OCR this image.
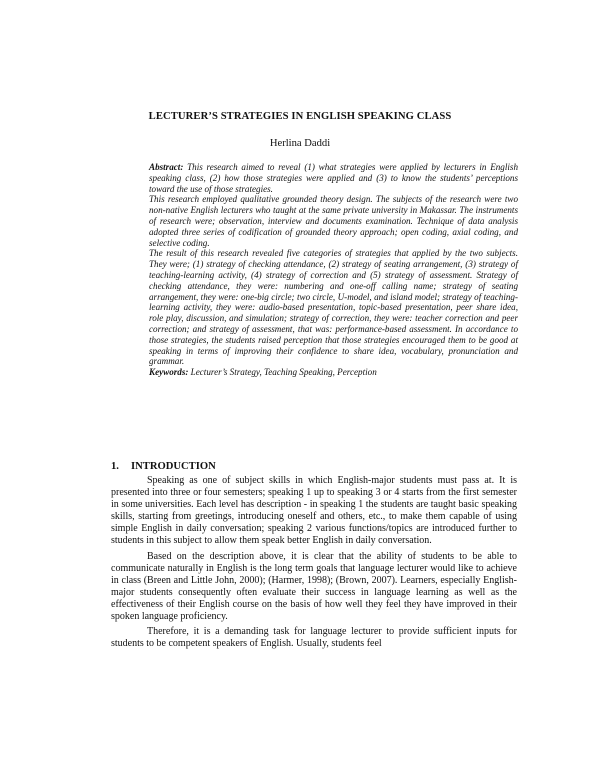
LECTURER’S STRATEGIES IN ENGLISH SPEAKING CLASS
Herlina Daddi

Abstract: This research aimed to reveal (1) what strategies were applied by lecturers in English speaking class, (2) how those strategies were applied and (3) to know the students’ perceptions toward the use of those strategies.

This research employed qualitative grounded theory design. The subjects of the research were two non-native English lecturers who taught at the same private university in Makassar. The instruments of research were; observation, interview and documents examination. Technique of data analysis adopted three series of codification of grounded theory approach; open coding, axial coding, and selective coding.

The result of this research revealed five categories of strategies that applied by the two subjects. They were; (1) strategy of checking attendance, (2) strategy of seating arrangement, (3) strategy of teaching-learning activity, (4) strategy of correction and (5) strategy of assessment. Strategy of checking attendance, they were: numbering and one-off calling name; strategy of seating arrangement, they were: one-big circle; two circle, U-model, and island model; strategy of teaching-learning activity, they were: audio-based presentation, topic-based presentation, peer share idea, role play, discussion, and simulation; strategy of correction, they were: teacher correction and peer correction; and strategy of assessment, that was: performance-based assessment. In accordance to those strategies, the students raised perception that those strategies encouraged them to be good at speaking in terms of improving their confidence to share idea, vocabulary, pronunciation and grammar.

Keywords: Lecturer’s Strategy, Teaching Speaking, Perception

1. INTRODUCTION

Speaking as one of subject skills in which English-major students must pass at. It is presented into three or four semesters; speaking 1 up to speaking 3 or 4 starts from the first semester in some universities. Each level has description - in speaking 1 the students are taught basic speaking skills, starting from greetings, introducing oneself and others, etc., to make them capable of using simple English in daily conversation; speaking 2 various functions/topics are introduced further to students in this subject to allow them speak better English in daily conversation.

Based on the description above, it is clear that the ability of students to be able to communicate naturally in English is the long term goals that language lecturer would like to achieve in class (Breen and Little John, 2000); (Harmer, 1998); (Brown, 2007). Learners, especially English-major students consequently often evaluate their success in language learning as well as the effectiveness of their English course on the basis of how well they feel they have improved in their spoken language proficiency.

Therefore, it is a demanding task for language lecturer to provide sufficient inputs for students to be competent speakers of English. Usually, students feel
